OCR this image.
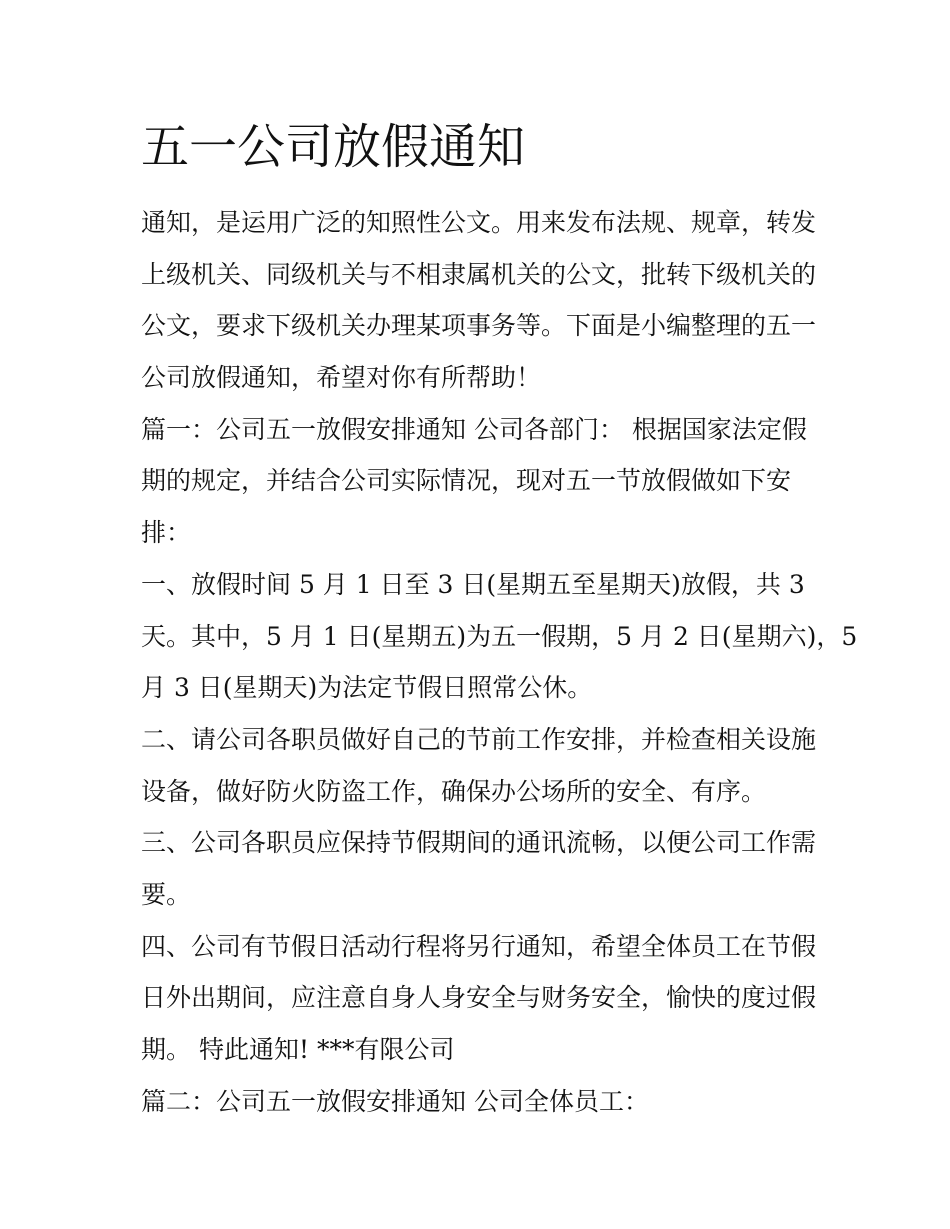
五一公司放假通知
通知，是运用广泛的知照性公文。用来发布法规、规章，转发
上级机关、同级机关与不相隶属机关的公文，批转下级机关的
公文，要求下级机关办理某项事务等。下面是小编整理的五一
公司放假通知，希望对你有所帮助！
篇一：公司五一放假安排通知 公司各部门： 根据国家法定假
期的规定，并结合公司实际情况，现对五一节放假做如下安
排：
一、放假时间 5 月 1 日至 3 日(星期五至星期天)放假，共 3
天。其中，5 月 1 日(星期五)为五一假期，5 月 2 日(星期六)，5
月 3 日(星期天)为法定节假日照常公休。
二、请公司各职员做好自己的节前工作安排，并检查相关设施
设备，做好防火防盗工作，确保办公场所的安全、有序。
三、公司各职员应保持节假期间的通讯流畅，以便公司工作需
要。
四、公司有节假日活动行程将另行通知，希望全体员工在节假
日外出期间，应注意自身人身安全与财务安全，愉快的度过假
期。 特此通知! ***有限公司
篇二：公司五一放假安排通知 公司全体员工：
